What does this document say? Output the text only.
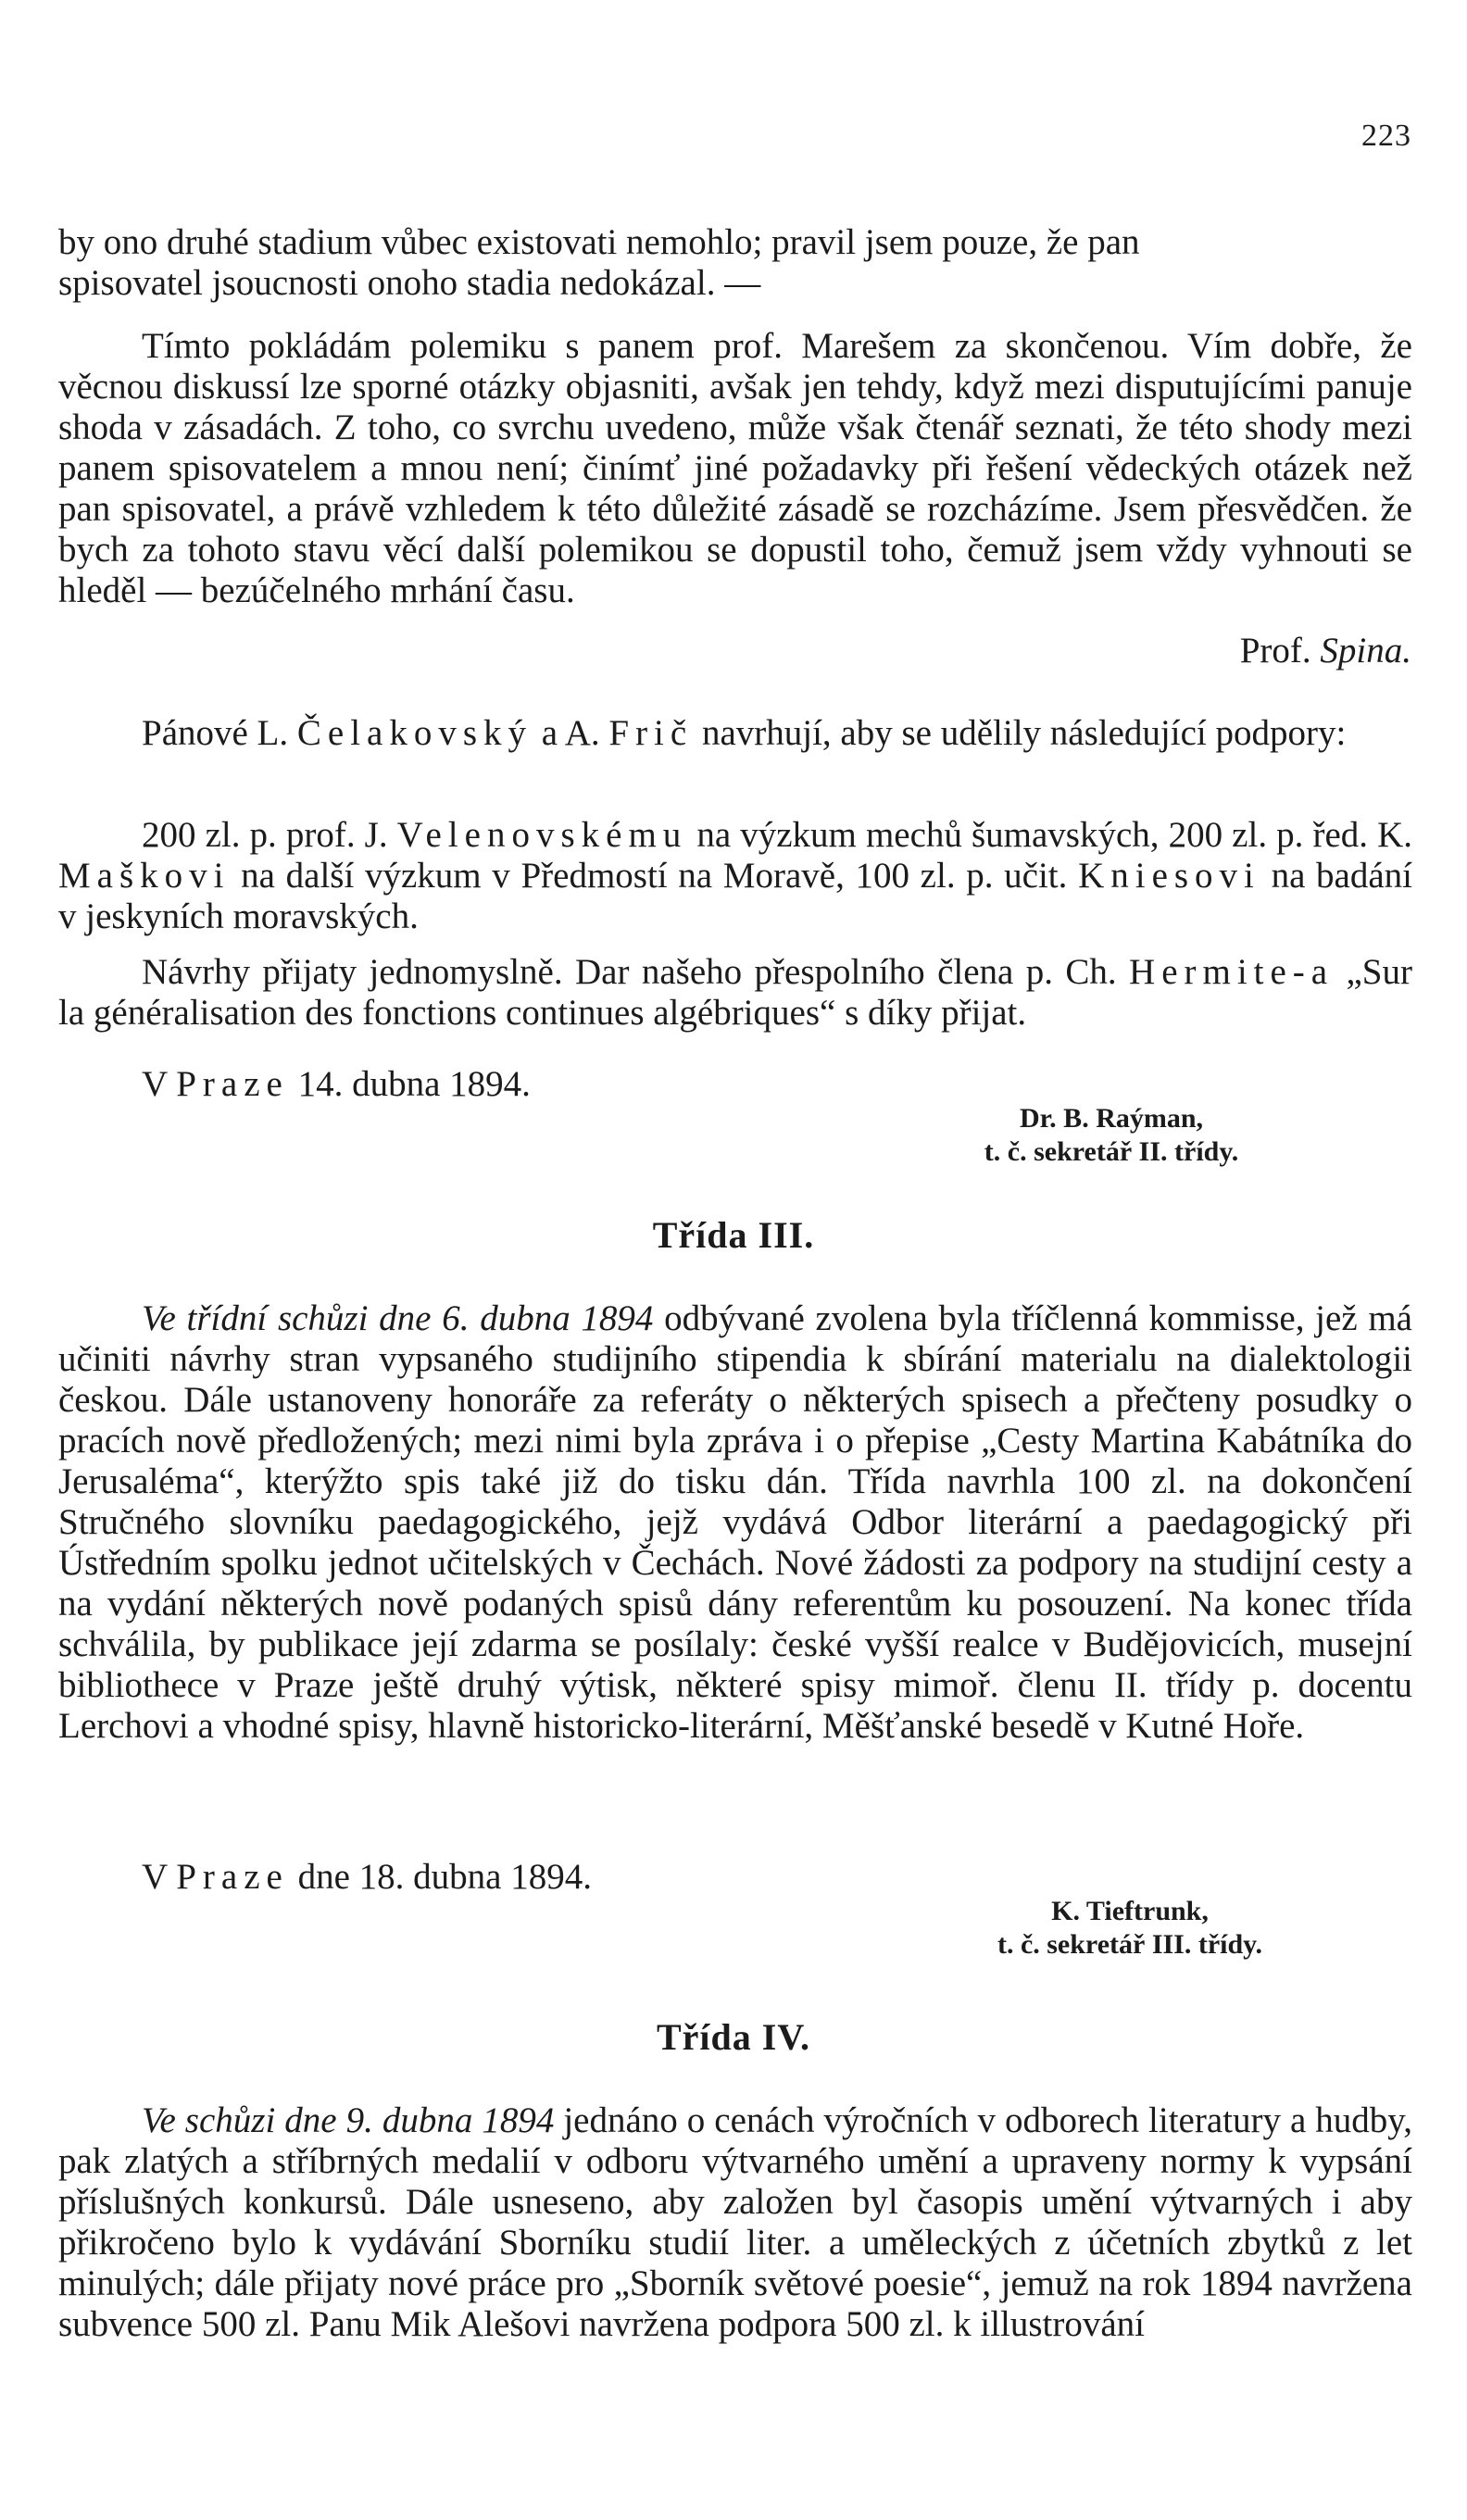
223

by ono druhé stadium vůbec existovati nemohlo; pravil jsem pouze, že pan
spisovatel jsoucnosti onoho stadia nedokázal. —

Tímto pokládám polemiku s panem prof. Marešem za skončenou. Vím dobře, že věcnou diskussí lze sporné otázky objasniti, avšak jen tehdy, když mezi disputujícími panuje shoda v zásadách. Z toho, co svrchu uvedeno, může však čtenář seznati, že této shody mezi panem spisovatelem a mnou není; činímť jiné požadavky při řešení vědeckých otázek než pan spisovatel, a právě vzhledem k této důležité zásadě se rozcházíme. Jsem přesvědčen. že bych za tohoto stavu věcí další polemikou se dopustil toho, čemuž jsem vždy vyhnouti se hleděl — bezúčelného mrhání času.

Prof. Spina.

Pánové L. Čelakovský a A. Frič navrhují, aby se udělily následující podpory:

200 zl. p. prof. J. Velenovskému na výzkum mechů šumavských, 200 zl. p. řed. K. Maškovi na další výzkum v Předmostí na Moravě, 100 zl. p. učit. Kniesovi na badání v jeskyních moravských.

Návrhy přijaty jednomyslně. Dar našeho přespolního člena p. Ch. Hermite-a „Sur la généralisation des fonctions continues algébriques“ s díky přijat.

V Praze 14. dubna 1894.
Dr. B. Raýman,
t. č. sekretář II. třídy.
Třída III.

Ve třídní schůzi dne 6. dubna 1894 odbývané zvolena byla tříčlenná kommisse, jež má učiniti návrhy stran vypsaného studijního stipendia k sbírání materialu na dialektologii českou. Dále ustanoveny honoráře za referáty o některých spisech a přečteny posudky o pracích nově předložených; mezi nimi byla zpráva i o přepise „Cesty Martina Kabátníka do Jerusaléma“, kterýžto spis také již do tisku dán. Třída navrhla 100 zl. na dokončení Stručného slovníku paedagogického, jejž vydává Odbor literární a paedagogický při Ústředním spolku jednot učitelských v Čechách. Nové žádosti za podpory na studijní cesty a na vydání některých nově podaných spisů dány referentům ku posouzení. Na konec třída schválila, by publikace její zdarma se posílaly: české vyšší realce v Budějovicích, musejní bibliothece v Praze ještě druhý výtisk, některé spisy mimoř. členu II. třídy p. docentu Lerchovi a vhodné spisy, hlavně historicko-literární, Měšťanské besedě v Kutné Hoře.

V Praze dne 18. dubna 1894.
K. Tieftrunk,
t. č. sekretář III. třídy.
Třída IV.

Ve schůzi dne 9. dubna 1894 jednáno o cenách výročních v odborech literatury a hudby, pak zlatých a stříbrných medalií v odboru výtvarného umění a upraveny normy k vypsání příslušných konkursů. Dále usneseno, aby založen byl časopis umění výtvarných i aby přikročeno bylo k vydávání Sborníku studií liter. a uměleckých z účetních zbytků z let minulých; dále přijaty nové práce pro „Sborník světové poesie“, jemuž na rok 1894 navržena subvence 500 zl. Panu Mik Alešovi navržena podpora 500 zl. k illustrování
